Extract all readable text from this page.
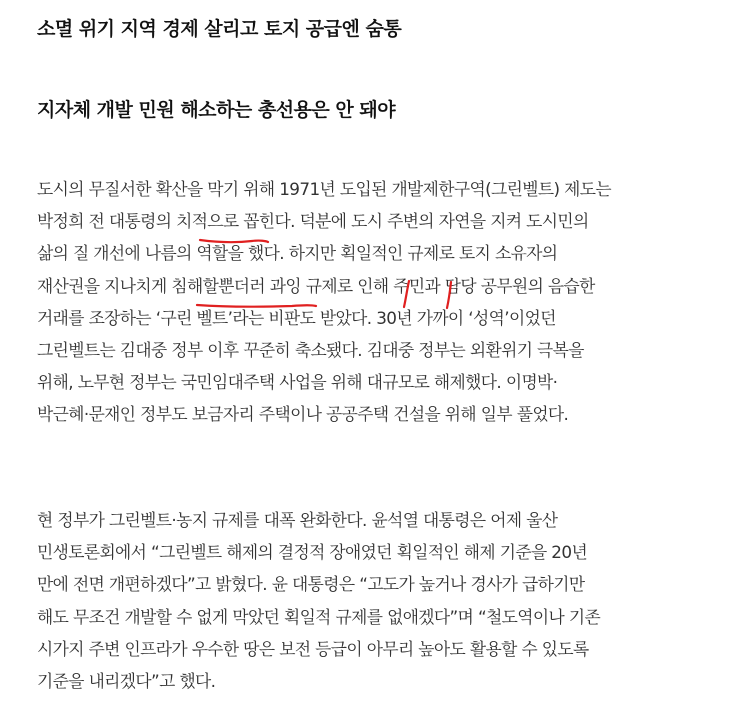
소멸 위기 지역 경제 살리고 토지 공급엔 숨통
지자체 개발 민원 해소하는 총선용은 안 돼야
도시의 무질서한 확산을 막기 위해 1971년 도입된 개발제한구역(그린벨트) 제도는
박정희 전 대통령의 치적으로 꼽힌다. 덕분에 도시 주변의 자연을 지켜 도시민의
삶의 질 개선에 나름의 역할을 했다. 하지만 획일적인 규제로 토지 소유자의
재산권을 지나치게 침해할뿐더러 과잉 규제로 인해 주민과 담당 공무원의 음습한
거래를 조장하는 ‘구린 벨트’라는 비판도 받았다. 30년 가까이 ‘성역’이었던
그린벨트는 김대중 정부 이후 꾸준히 축소됐다. 김대중 정부는 외환위기 극복을
위해, 노무현 정부는 국민임대주택 사업을 위해 대규모로 해제했다. 이명박·
박근혜·문재인 정부도 보금자리 주택이나 공공주택 건설을 위해 일부 풀었다.
현 정부가 그린벨트·농지 규제를 대폭 완화한다. 윤석열 대통령은 어제 울산
민생토론회에서 “그린벨트 해제의 결정적 장애였던 획일적인 해제 기준을 20년
만에 전면 개편하겠다”고 밝혔다. 윤 대통령은 “고도가 높거나 경사가 급하기만
해도 무조건 개발할 수 없게 막았던 획일적 규제를 없애겠다”며 “철도역이나 기존
시가지 주변 인프라가 우수한 땅은 보전 등급이 아무리 높아도 활용할 수 있도록
기준을 내리겠다”고 했다.
